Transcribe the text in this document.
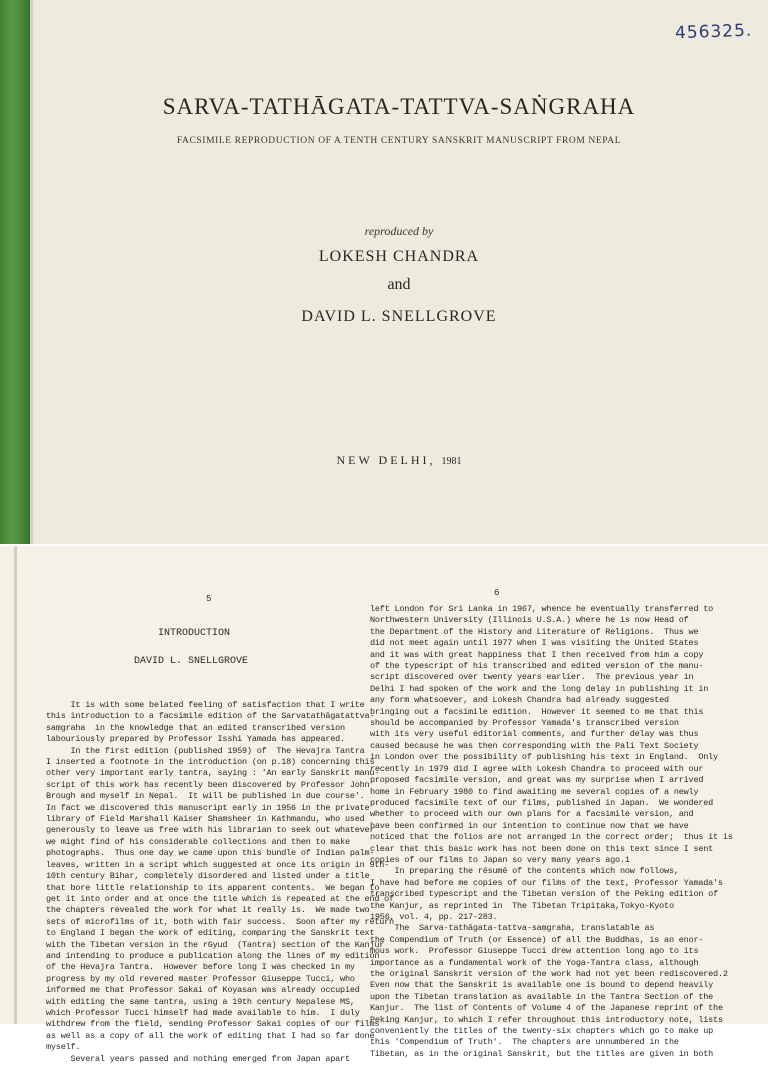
456325.
SARVA-TATHĀGATA-TATTVA-SAṄGRAHA
FACSIMILE REPRODUCTION OF A TENTH CENTURY SANSKRIT MANUSCRIPT FROM NEPAL
reproduced by
LOKESH CHANDRA
and
DAVID L. SNELLGROVE
NEW DELHI, 1981
5
INTRODUCTION
DAVID L. SNELLGROVE
It is with some belated feeling of satisfaction that I write
this introduction to a facsimile edition of the Sarvatathāgatattva-
saṃgraha  in the knowledge that an edited transcribed version
labouriously prepared by Professor Isshi Yamada has appeared.
In the first edition (published 1959) of  The Hevajra Tantra
I inserted a footnote in the introduction (on p.18) concerning this
other very important early tantra, saying : 'An early Sanskrit manu-
script of this work has recently been discovered by Professor John
Brough and myself in Nepal.  It will be published in due course'.
In fact we discovered this manuscript early in 1956 in the private
library of Field Marshall Kaiser Shamsheer in Kathmandu, who used
generously to leave us free with his librarian to seek out whatever
we might find of his considerable collections and then to make
photographs.  Thus one day we came upon this bundle of Indian palm-
leaves, written in a script which suggested at once its origin in 9th-
10th century Bihar, completely disordered and listed under a title
that bore little relationship to its apparent contents.  We began to
get it into order and at once the title which is repeated at the end of
the chapters revealed the work for what it really is.  We made two
sets of microfilms of it, both with fair success.  Soon after my return
to England I began the work of editing, comparing the Sanskrit text
with the Tibetan version in the rGyud  (Tantra) section of the Kanjur
and intending to produce a publication along the lines of my edition
of the Hevajra Tantra.  However before long I was checked in my
progress by my old revered master Professor Giuseppe Tucci, who
informed me that Professor Sakai of Koyasan was already occupied
with editing the same tantra, using a 19th century Nepalese MS,
which Professor Tucci himself had made available to him.  I duly
withdrew from the field, sending Professor Sakai copies of our films
as well as a copy of all the work of editing that I had so far done
myself.
Several years passed and nothing emerged from Japan apart
6
left London for Sri Lanka in 1967, whence he eventually transferred to
Northwestern University (Illinois U.S.A.) where he is now Head of
the Department of the History and Literature of Religions.  Thus we
did not meet again until 1977 when I was visiting the United States
and it was with great happiness that I then received from him a copy
of the typescript of his transcribed and edited version of the manu-
script discovered over twenty years earlier.  The previous year in
Delhi I had spoken of the work and the long delay in publishing it in
any form whatsoever, and Lokesh Chandra had already suggested
bringing out a facsimile edition.  However it seemed to me that this
should be accompanied by Professor Yamada's transcribed version
with its very useful editorial comments, and further delay was thus
caused because he was then corresponding with the Pali Text Society
in London over the possibility of publishing his text in England.  Only
recently in 1979 did I agree with Lokesh Chandra to proceed with our
proposed facsimile version, and great was my surprise when I arrived
home in February 1980 to find awaiting me several copies of a newly
produced facsimile text of our films, published in Japan.  We wondered
whether to proceed with our own plans for a facsimile version, and
have been confirmed in our intention to continue now that we have
noticed that the folios are not arranged in the correct order;  thus it is
clear that this basic work has not been done on this text since I sent
copies of our films to Japan so very many years ago.1
In preparing the résumé of the contents which now follows,
I have had before me copies of our films of the text, Professor Yamada's
transcribed typescript and the Tibetan version of the Peking edition of
the Kanjur, as reprinted in  The Tibetan Tripiṭaka,Tokyo-Kyoto
1956, vol. 4, pp. 217-283.
The  Sarva-tathāgata-tattva-saṃgraha, translatable as
the Compendium of Truth (or Essence) of all the Buddhas, is an enor-
mous work.  Professor Giuseppe Tucci drew attention long ago to its
importance as a fundamental work of the Yoga-Tantra class, although
the original Sanskrit version of the work had not yet been rediscovered.2
Even now that the Sanskrit is available one is bound to depend heavily
upon the Tibetan translation as available in the Tantra Section of the
Kanjur.  The list of Contents of Volume 4 of the Japanese reprint of the
Peking Kanjur, to which I refer throughout this introductory note, lists
conveniently the titles of the twenty-six chapters which go to make up
this 'Compendium of Truth'.  The chapters are unnumbered in the
Tibetan, as in the original Sanskrit, but the titles are given in both
